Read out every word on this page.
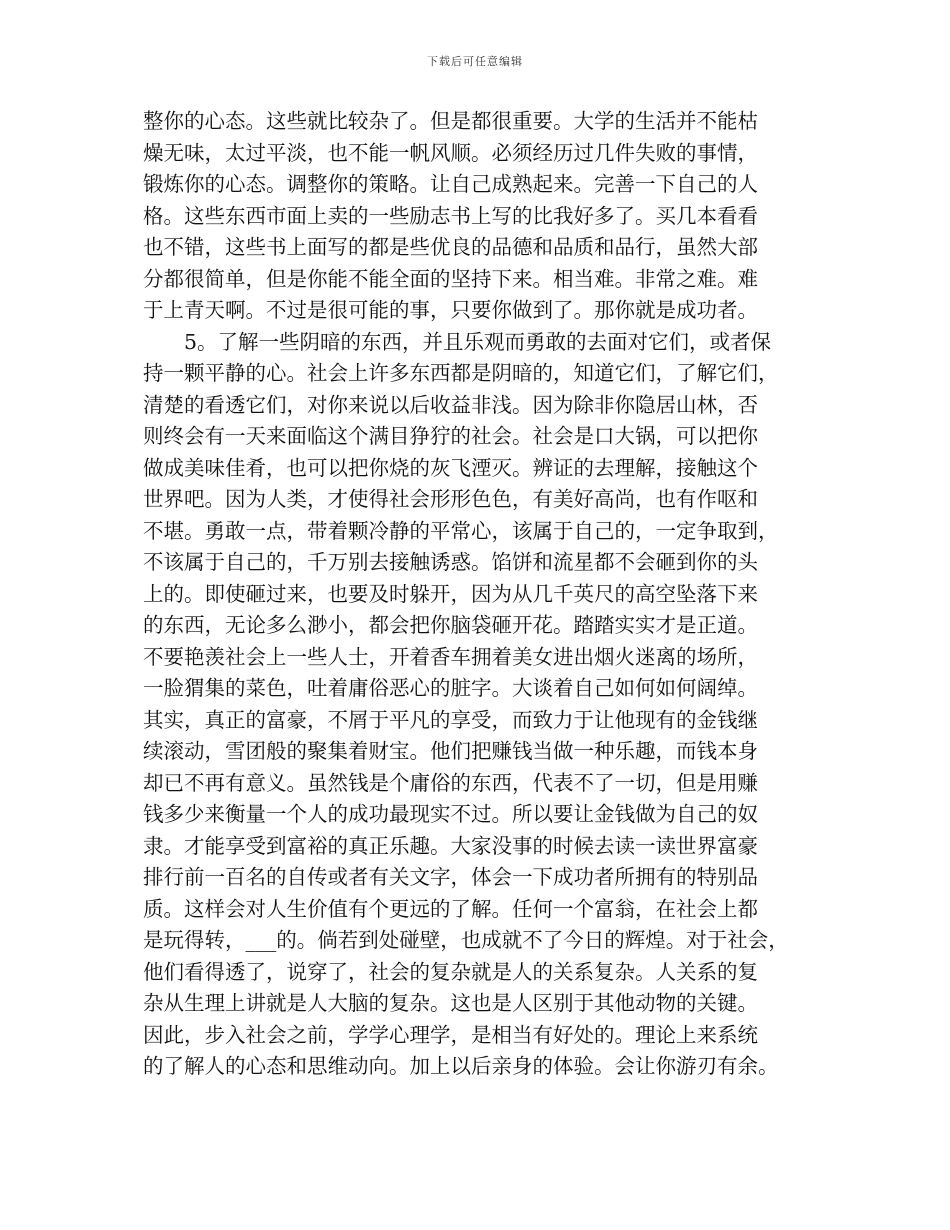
下载后可任意编辑
整你的心态。这些就比较杂了。但是都很重要。大学的生活并不能枯
燥无味，太过平淡，也不能一帆风顺。必须经历过几件失败的事情，
锻炼你的心态。调整你的策略。让自己成熟起来。完善一下自己的人
格。这些东西市面上卖的一些励志书上写的比我好多了。买几本看看
也不错，这些书上面写的都是些优良的品德和品质和品行，虽然大部
分都很简单，但是你能不能全面的坚持下来。相当难。非常之难。难
于上青天啊。不过是很可能的事，只要你做到了。那你就是成功者。
5。了解一些阴暗的东西，并且乐观而勇敢的去面对它们，或者保
持一颗平静的心。社会上许多东西都是阴暗的，知道它们，了解它们，
清楚的看透它们，对你来说以后收益非浅。因为除非你隐居山林，否
则终会有一天来面临这个满目狰狞的社会。社会是口大锅，可以把你
做成美味佳肴，也可以把你烧的灰飞湮灭。辨证的去理解，接触这个
世界吧。因为人类，才使得社会形形色色，有美好高尚，也有作呕和
不堪。勇敢一点，带着颗冷静的平常心，该属于自己的，一定争取到，
不该属于自己的，千万别去接触诱惑。馅饼和流星都不会砸到你的头
上的。即使砸过来，也要及时躲开，因为从几千英尺的高空坠落下来
的东西，无论多么渺小，都会把你脑袋砸开花。踏踏实实才是正道。
不要艳羡社会上一些人士，开着香车拥着美女进出烟火迷离的场所，
一脸猬集的菜色，吐着庸俗恶心的脏字。大谈着自己如何如何阔绰。
其实，真正的富豪，不屑于平凡的享受，而致力于让他现有的金钱继
续滚动，雪团般的聚集着财宝。他们把赚钱当做一种乐趣，而钱本身
却已不再有意义。虽然钱是个庸俗的东西，代表不了一切，但是用赚
钱多少来衡量一个人的成功最现实不过。所以要让金钱做为自己的奴
隶。才能享受到富裕的真正乐趣。大家没事的时候去读一读世界富豪
排行前一百名的自传或者有关文字，体会一下成功者所拥有的特别品
质。这样会对人生价值有个更远的了解。任何一个富翁，在社会上都
是玩得转，___的。倘若到处碰壁，也成就不了今日的辉煌。对于社会，
他们看得透了，说穿了，社会的复杂就是人的关系复杂。人关系的复
杂从生理上讲就是人大脑的复杂。这也是人区别于其他动物的关键。
因此，步入社会之前，学学心理学，是相当有好处的。理论上来系统
的了解人的心态和思维动向。加上以后亲身的体验。会让你游刃有余。
